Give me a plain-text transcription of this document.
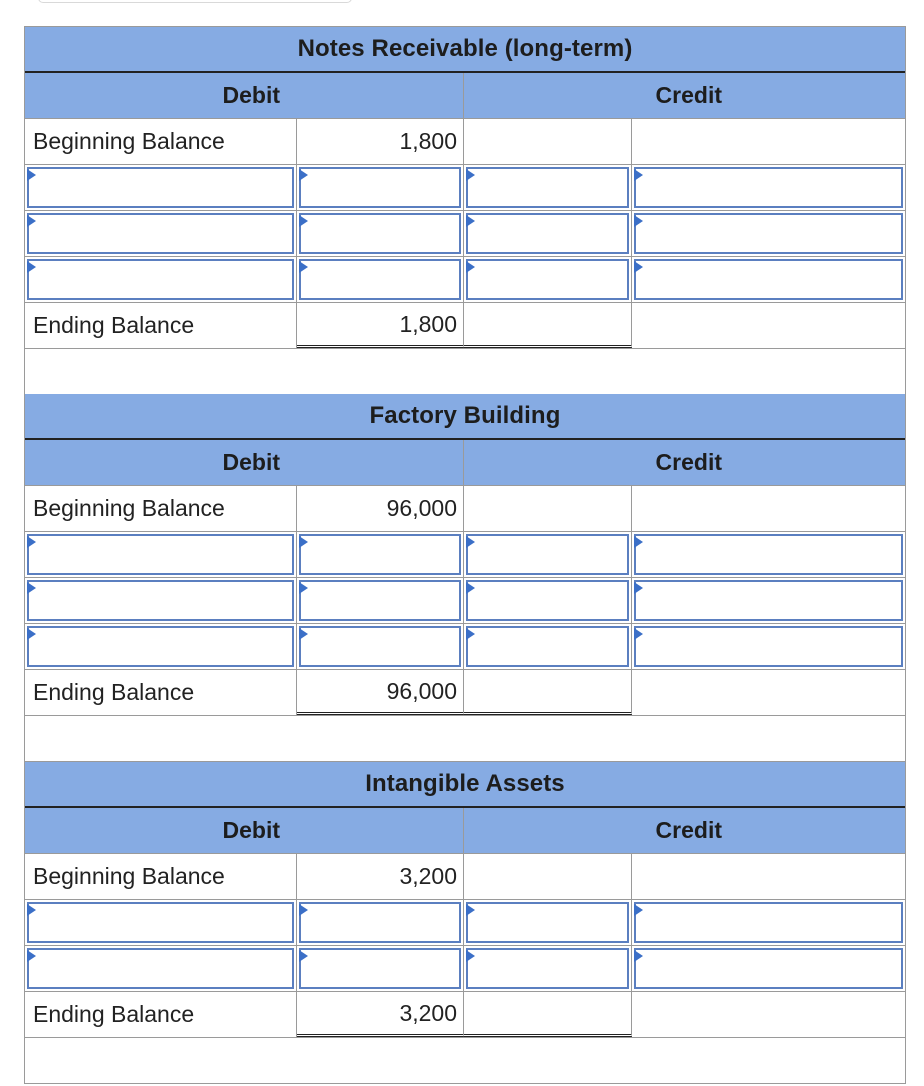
Notes Receivable (long-term)
Debit	Credit
Beginning Balance	1,800
Ending Balance	1,800
Factory Building
Debit	Credit
Beginning Balance	96,000
Ending Balance	96,000
Intangible Assets
Debit	Credit
Beginning Balance	3,200
Ending Balance	3,200
